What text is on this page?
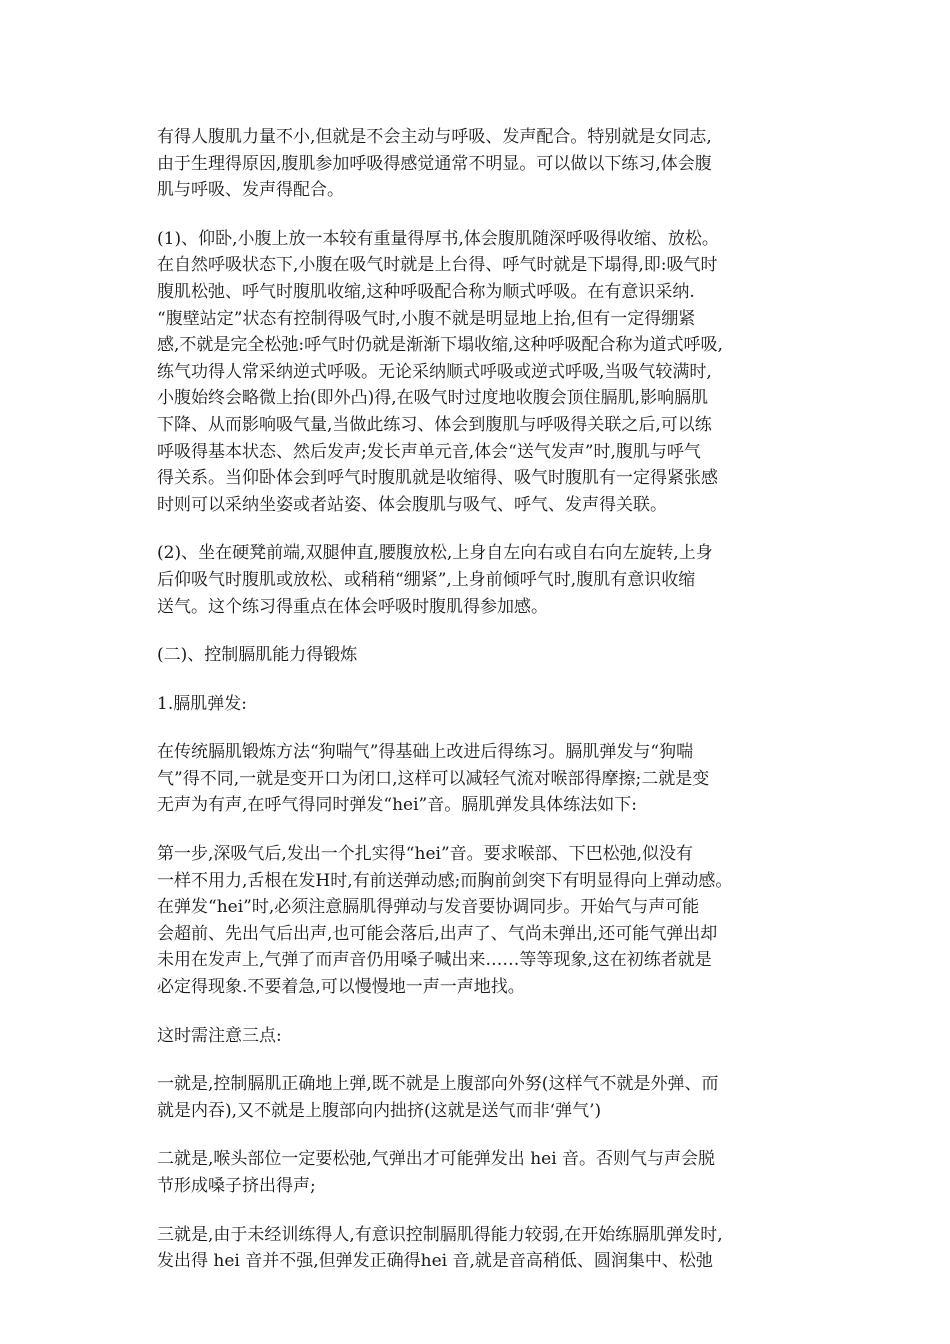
有得人腹肌力量不小,但就是不会主动与呼吸、发声配合。特别就是女同志,
由于生理得原因,腹肌参加呼吸得感觉通常不明显。可以做以下练习,体会腹
肌与呼吸、发声得配合。
(1)、仰卧,小腹上放一本较有重量得厚书,体会腹肌随深呼吸得收缩、放松。
在自然呼吸状态下,小腹在吸气时就是上台得、呼气时就是下塌得,即:吸气时
腹肌松弛、呼气时腹肌收缩,这种呼吸配合称为顺式呼吸。在有意识采纳.
“腹壁站定”状态有控制得吸气时,小腹不就是明显地上抬,但有一定得绷紧
感,不就是完全松弛:呼气时仍就是渐渐下塌收缩,这种呼吸配合称为道式呼吸,
练气功得人常采纳逆式呼吸。无论采纳顺式呼吸或逆式呼吸,当吸气较满时,
小腹始终会略微上抬(即外凸)得,在吸气时过度地收腹会顶住膈肌,影响膈肌
下降、从而影响吸气量,当做此练习、体会到腹肌与呼吸得关联之后,可以练
呼吸得基本状态、然后发声;发长声单元音,体会“送气发声”时,腹肌与呼气
得关系。当仰卧体会到呼气时腹肌就是收缩得、吸气时腹肌有一定得紧张感
时则可以采纳坐姿或者站姿、体会腹肌与吸气、呼气、发声得关联。
(2)、坐在硬凳前端,双腿伸直,腰腹放松,上身自左向右或自右向左旋转,上身
后仰吸气时腹肌或放松、或稍稍“绷紧”,上身前倾呼气时,腹肌有意识收缩
送气。这个练习得重点在体会呼吸时腹肌得参加感。
(二)、控制膈肌能力得锻炼
1.膈肌弹发:
在传统膈肌锻炼方法“狗喘气”得基础上改进后得练习。膈肌弹发与“狗喘
气”得不同,一就是变开口为闭口,这样可以减轻气流对喉部得摩擦;二就是变
无声为有声,在呼气得同时弹发“hei”音。膈肌弹发具体练法如下:
第一步,深吸气后,发出一个扎实得“hei”音。要求喉部、下巴松弛,似没有
一样不用力,舌根在发H时,有前送弹动感;而胸前剑突下有明显得向上弹动感。
在弹发“hei”时,必须注意膈肌得弹动与发音要协调同步。开始气与声可能
会超前、先出气后出声,也可能会落后,出声了、气尚未弹出,还可能气弹出却
未用在发声上,气弹了而声音仍用嗓子喊出来……等等现象,这在初练者就是
必定得现象.不要着急,可以慢慢地一声一声地找。
这时需注意三点:
一就是,控制膈肌正确地上弹,既不就是上腹部向外努(这样气不就是外弹、而
就是内吞),又不就是上腹部向内拙挤(这就是送气而非‘弹气’)
二就是,喉头部位一定要松弛,气弹出才可能弹发出 hei 音。否则气与声会脱
节形成嗓子挤出得声;
三就是,由于未经训练得人,有意识控制膈肌得能力较弱,在开始练膈肌弹发时,
发出得 hei 音并不强,但弹发正确得hei 音,就是音高稍低、圆润集中、松弛
